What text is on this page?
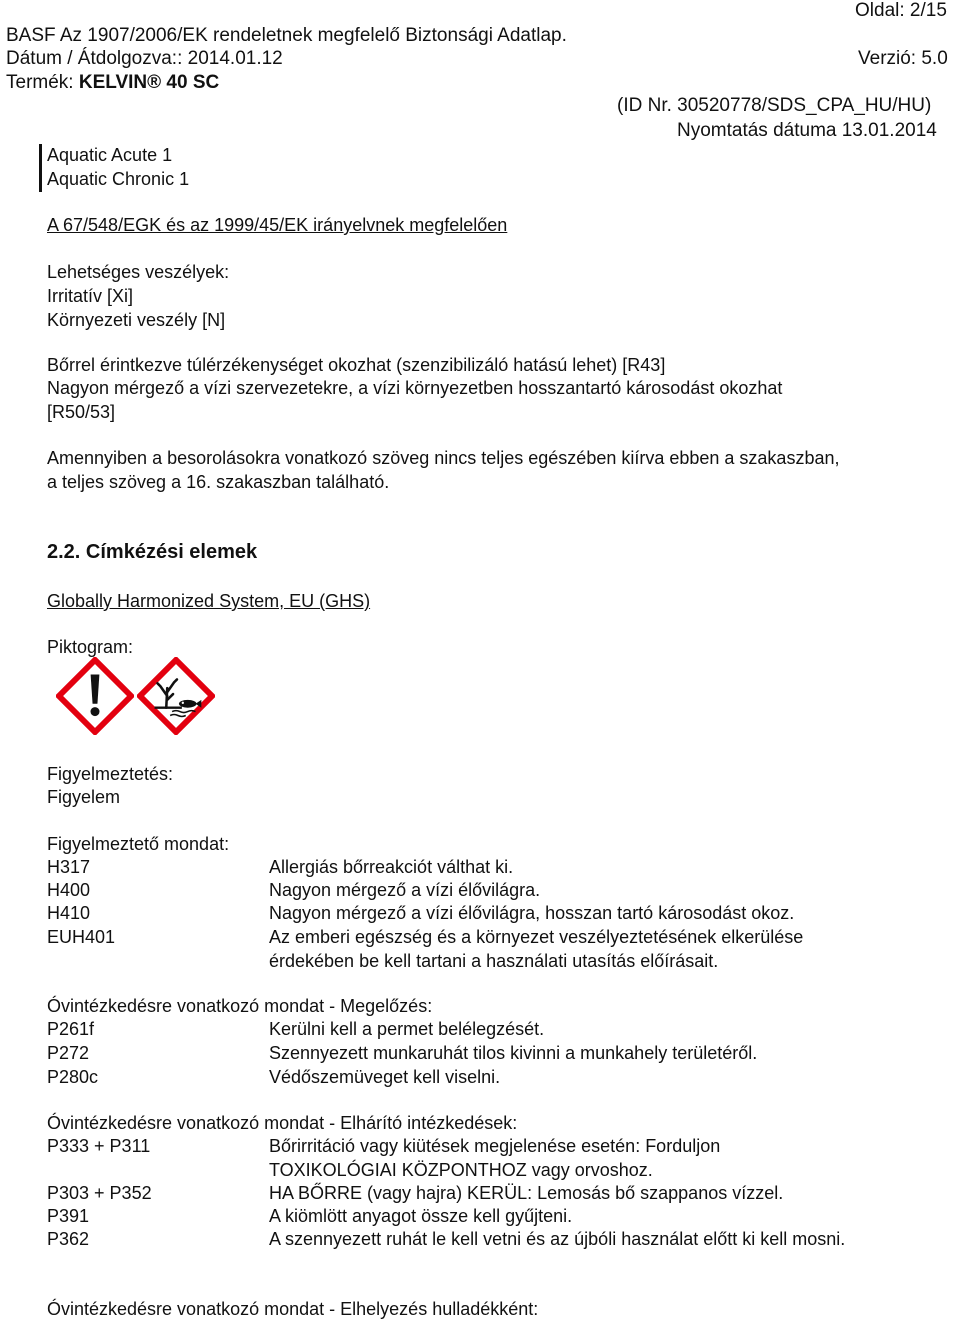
Oldal: 2/15
BASF Az 1907/2006/EK rendeletnek megfelelő Biztonsági Adatlap.
Dátum / Átdolgozva:: 2014.01.12	Verzió: 5.0
Termék: KELVIN® 40 SC
(ID Nr. 30520778/SDS_CPA_HU/HU)
Nyomtatás dátuma 13.01.2014
Aquatic Acute 1
Aquatic Chronic 1
A 67/548/EGK és az 1999/45/EK irányelvnek megfelelően
Lehetséges veszélyek:
Irritatív [Xi]
Környezeti veszély [N]
Bőrrel érintkezve túlérzékenységet okozhat (szenzibilizáló hatású lehet) [R43]
Nagyon mérgező a vízi szervezetekre, a vízi környezetben hosszantartó károsodást okozhat
[R50/53]
Amennyiben a besorolásokra vonatkozó szöveg nincs teljes egészében kiírva ebben a szakaszban,
a teljes szöveg a 16. szakaszban található.
2.2. Címkézési elemek
Globally Harmonized System, EU (GHS)
Piktogram:
Figyelmeztetés:
Figyelem
Figyelmeztető mondat:
H317	Allergiás bőrreakciót válthat ki.
H400	Nagyon mérgező a vízi élővilágra.
H410	Nagyon mérgező a vízi élővilágra, hosszan tartó károsodást okoz.
EUH401	Az emberi egészség és a környezet veszélyeztetésének elkerülése érdekében be kell tartani a használati utasítás előírásait.
Óvintézkedésre vonatkozó mondat - Megelőzés:
P261f	Kerülni kell a permet belélegzését.
P272	Szennyezett munkaruhát tilos kivinni a munkahely területéről.
P280c	Védőszemüveget kell viselni.
Óvintézkedésre vonatkozó mondat - Elhárító intézkedések:
P333 + P311	Bőrirritáció vagy kiütések megjelenése esetén: Forduljon TOXIKOLÓGIAI KÖZPONTHOZ vagy orvoshoz.
P303 + P352	HA BŐRRE (vagy hajra) KERÜL: Lemosás bő szappanos vízzel.
P391	A kiömlött anyagot össze kell gyűjteni.
P362	A szennyezett ruhát le kell vetni és az újbóli használat előtt ki kell mosni.
Óvintézkedésre vonatkozó mondat - Elhelyezés hulladékként:
